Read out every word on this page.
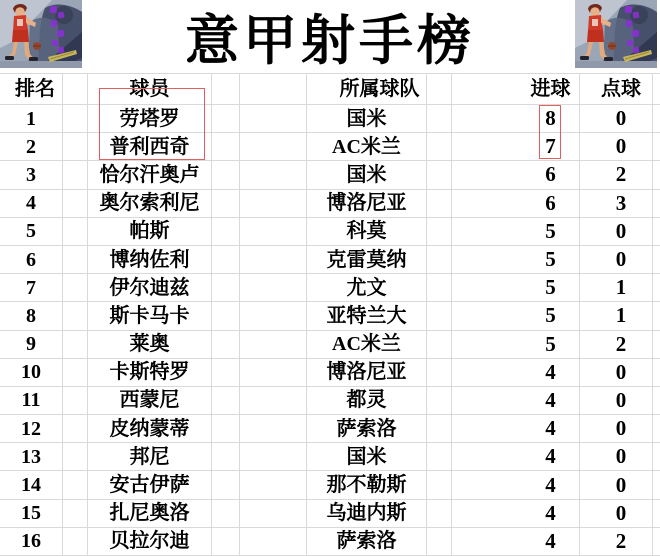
意甲射手榜
排名	球员	所属球队	进球	点球
1	劳塔罗	国米	8	0
2	普利西奇	AC米兰	7	0
3	恰尔汗奥卢	国米	6	2
4	奥尔索利尼	博洛尼亚	6	3
5	帕斯	科莫	5	0
6	博纳佐利	克雷莫纳	5	0
7	伊尔迪兹	尤文	5	1
8	斯卡马卡	亚特兰大	5	1
9	莱奥	AC米兰	5	2
10	卡斯特罗	博洛尼亚	4	0
11	西蒙尼	都灵	4	0
12	皮纳蒙蒂	萨索洛	4	0
13	邦尼	国米	4	0
14	安古伊萨	那不勒斯	4	0
15	扎尼奥洛	乌迪内斯	4	0
16	贝拉尔迪	萨索洛	4	2
